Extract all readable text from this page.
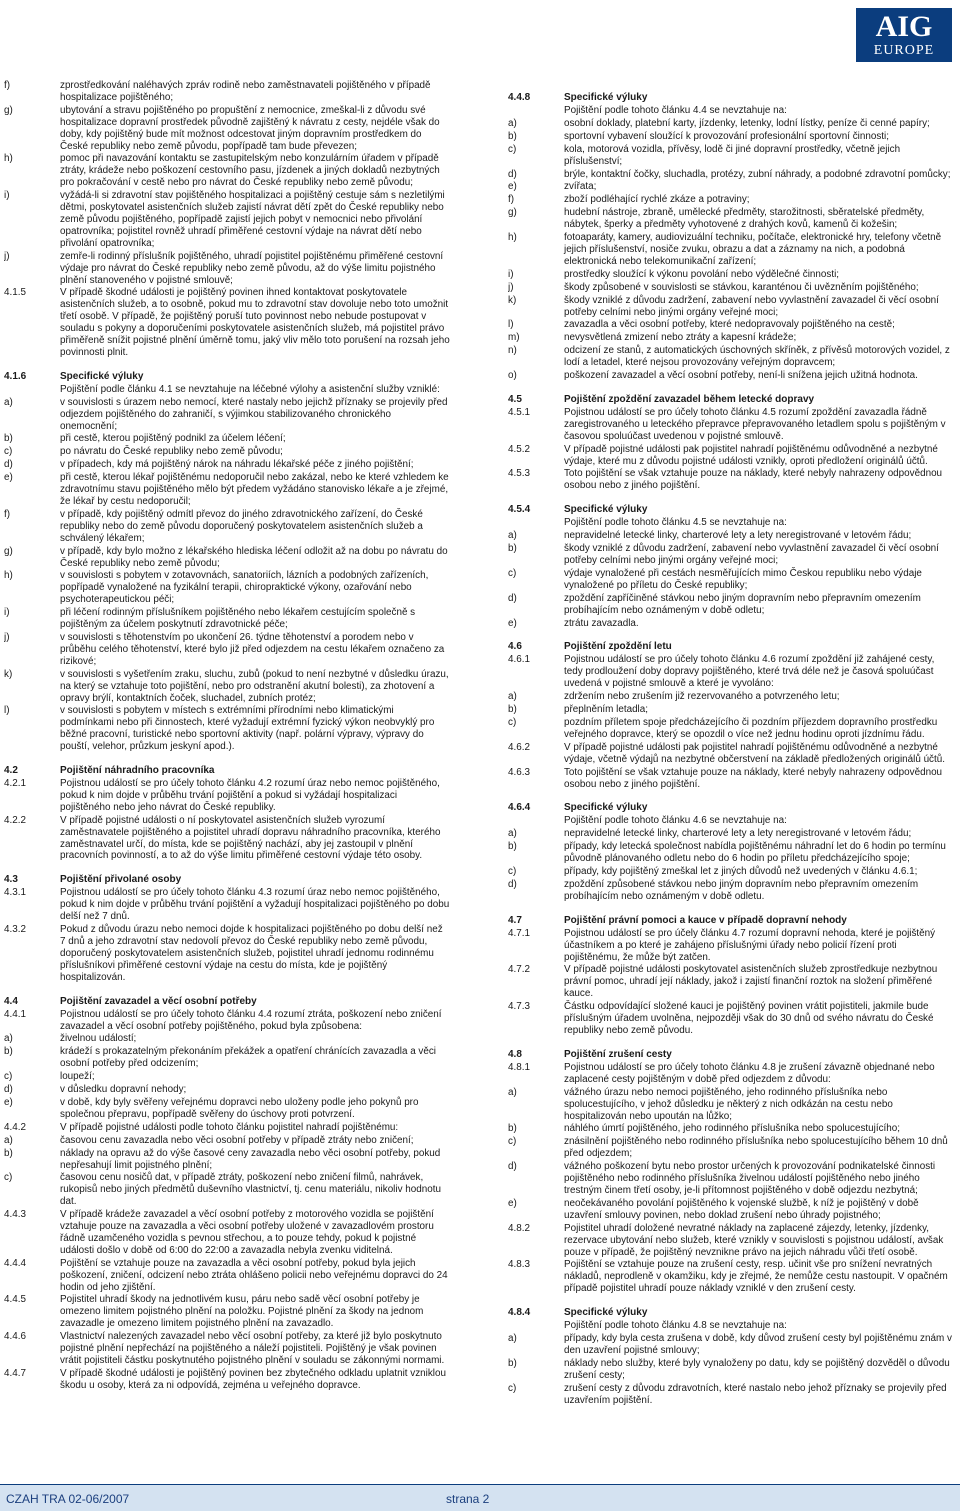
AIG
EUROPE
f)	zprostředkování naléhavých zpráv rodině nebo zaměstnavateli pojištěného v případě hospitalizace pojištěného;
g)	ubytování a stravu pojištěného po propuštění z nemocnice, zmeškal-li z důvodu své hospitalizace dopravní prostředek původně zajištěný k návratu z cesty, nejdéle však do doby, kdy pojištěný bude mít možnost odcestovat jiným dopravním prostředkem do České republiky nebo země původu, popřípadě tam bude převezen;
h)	pomoc při navazování kontaktu se zastupitelským nebo konzulárním úřadem v případě ztráty, krádeže nebo poškození cestovního pasu, jízdenek a jiných dokladů nezbytných pro pokračování v cestě nebo pro návrat do České republiky nebo země původu;
i)	vyžádá-li si zdravotní stav pojištěného hospitalizaci a pojištěný cestuje sám s nezletilými dětmi, poskytovatel asistenčních služeb zajistí návrat dětí zpět do České republiky nebo země původu pojištěného, popřípadě zajistí jejich pobyt v nemocnici nebo přivolání opatrovníka; pojistitel rovněž uhradí přiměřené cestovní výdaje na návrat dětí nebo přivolání opatrovníka;
j)	zemře-li rodinný příslušník pojištěného, uhradí pojistitel pojištěnému přiměřené cestovní výdaje pro návrat do České republiky nebo země původu, až do výše limitu pojistného plnění stanoveného v pojistné smlouvě;
4.1.5	V případě škodné události je pojištěný povinen ihned kontaktovat poskytovatele asistenčních služeb, a to osobně, pokud mu to zdravotní stav dovoluje nebo toto umožnit třetí osobě. V případě, že pojištěný poruší tuto povinnost nebo nebude postupovat v souladu s pokyny a doporučeními poskytovatele asistenčních služeb, má pojistitel právo přiměřeně snížit pojistné plnění úměrně tomu, jaký vliv mělo toto porušení na rozsah jeho povinnosti plnit.
4.1.6	Specifické výluky
Pojištění podle článku 4.1 se nevztahuje na léčebné výlohy a asistenční služby vzniklé:
a)	v souvislosti s úrazem nebo nemocí, které nastaly nebo jejichž příznaky se projevily před odjezdem pojištěného do zahraničí, s výjimkou stabilizovaného chronického onemocnění;
b)	při cestě, kterou pojištěný podnikl za účelem léčení;
c)	po návratu do České republiky nebo země původu;
d)	v případech, kdy má pojištěný nárok na náhradu lékařské péče z jiného pojištění;
e)	při cestě, kterou lékař pojištěnému nedoporučil nebo zakázal, nebo ke které vzhledem ke zdravotnímu stavu pojištěného mělo být předem vyžádáno stanovisko lékaře a je zřejmé, že lékař by cestu nedoporučil;
f)	v případě, kdy pojištěný odmítl převoz do jiného zdravotnického zařízení, do České republiky nebo do země původu doporučený poskytovatelem asistenčních služeb a schválený lékařem;
g)	v případě, kdy bylo možno z lékařského hlediska léčení odložit až na dobu po návratu do České republiky nebo země původu;
h)	v souvislosti s pobytem v zotavovnách, sanatoriích, lázních a podobných zařízeních, popřípadě vynaložené na fyzikální terapii, chiropraktické výkony, ozařování nebo psychoterapeutickou péči;
i)	při léčení rodinným příslušníkem pojištěného nebo lékařem cestujícím společně s pojištěným za účelem poskytnutí zdravotnické péče;
j)	v souvislosti s těhotenstvím po ukončení 26. týdne těhotenství a porodem nebo v průběhu celého těhotenství, které bylo již před odjezdem na cestu lékařem označeno za rizikové;
k)	v souvislosti s vyšetřením zraku, sluchu, zubů (pokud to není nezbytné v důsledku úrazu, na který se vztahuje toto pojištění, nebo pro odstranění akutní bolesti), za zhotovení a opravy brýlí, kontaktních čoček, sluchadel, zubních protéz;
l)	v souvislosti s pobytem v místech s extrémními přírodními nebo klimatickými podmínkami nebo při činnostech, které vyžadují extrémní fyzický výkon neobvyklý pro běžné pracovní, turistické nebo sportovní aktivity (např. polární výpravy, výpravy do pouští, velehor, průzkum jeskyní apod.).
4.2	Pojištění náhradního pracovníka
4.2.1	Pojistnou událostí se pro účely tohoto článku 4.2 rozumí úraz nebo nemoc pojištěného, pokud k nim dojde v průběhu trvání pojištění a pokud si vyžádají hospitalizaci pojištěného nebo jeho návrat do České republiky.
4.2.2	V případě pojistné události o ní poskytovatel asistenčních služeb vyrozumí zaměstnavatele pojištěného a pojistitel uhradí dopravu náhradního pracovníka, kterého zaměstnavatel určí, do místa, kde se pojištěný nachází, aby jej zastoupil v plnění pracovních povinností, a to až do výše limitu přiměřené cestovní výdaje této osoby.
4.3	Pojištění přivolané osoby
4.3.1	Pojistnou událostí se pro účely tohoto článku 4.3 rozumí úraz nebo nemoc pojištěného, pokud k nim dojde v průběhu trvání pojištění a vyžadují hospitalizaci pojištěného po dobu delší než 7 dnů.
4.3.2	Pokud z důvodu úrazu nebo nemoci dojde k hospitalizaci pojištěného po dobu delší než 7 dnů a jeho zdravotní stav nedovolí převoz do České republiky nebo země původu, doporučený poskytovatelem asistenčních služeb, pojistitel uhradí jednomu rodinnému příslušníkovi přiměřené cestovní výdaje na cestu do místa, kde je pojištěný hospitalizován.
4.4	Pojištění zavazadel a věcí osobní potřeby
4.4.1	Pojistnou událostí se pro účely tohoto článku 4.4 rozumí ztráta, poškození nebo zničení zavazadel a věcí osobní potřeby pojištěného, pokud byla způsobena:
a)	živelnou událostí;
b)	krádeží s prokazatelným překonáním překážek a opatření chránících zavazadla a věci osobní potřeby před odcizením;
c)	loupeží;
d)	v důsledku dopravní nehody;
e)	v době, kdy byly svěřeny veřejnému dopravci nebo uloženy podle jeho pokynů pro společnou přepravu, popřípadě svěřeny do úschovy proti potvrzení.
4.4.2	V případě pojistné události podle tohoto článku pojistitel nahradí pojištěnému:
a)	časovou cenu zavazadla nebo věci osobní potřeby v případě ztráty nebo zničení;
b)	náklady na opravu až do výše časové ceny zavazadla nebo věci osobní potřeby, pokud nepřesahují limit pojistného plnění;
c)	časovou cenu nosičů dat, v případě ztráty, poškození nebo zničení filmů, nahrávek, rukopisů nebo jiných předmětů duševního vlastnictví, tj. cenu materiálu, nikoliv hodnotu dat.
4.4.3	V případě krádeže zavazadel a věcí osobní potřeby z motorového vozidla se pojištění vztahuje pouze na zavazadla a věci osobní potřeby uložené v zavazadlovém prostoru řádně uzamčeného vozidla s pevnou střechou, a to pouze tehdy, pokud k pojistné události došlo v době od 6:00 do 22:00 a zavazadla nebyla zvenku viditelná.
4.4.4	Pojištění se vztahuje pouze na zavazadla a věci osobní potřeby, pokud byla jejich poškození, zničení, odcizení nebo ztráta ohlášeno policii nebo veřejnému dopravci do 24 hodin od jeho zjištění.
4.4.5	Pojistitel uhradí škody na jednotlivém kusu, páru nebo sadě věcí osobní potřeby je omezeno limitem pojistného plnění na položku. Pojistné plnění za škody na jednom zavazadle je omezeno limitem pojistného plnění na zavazadlo.
4.4.6	Vlastnictví nalezených zavazadel nebo věcí osobní potřeby, za které již bylo poskytnuto pojistné plnění nepřechází na pojištěného a náleží pojistiteli. Pojištěný je však povinen vrátit pojistiteli částku poskytnutého pojistného plnění v souladu se zákonnými normami.
4.4.7	V případě škodné události je pojištěný povinen bez zbytečného odkladu uplatnit vzniklou škodu u osoby, která za ni odpovídá, zejména u veřejného dopravce.
4.4.8	Specifické výluky
Pojištění podle tohoto článku 4.4 se nevztahuje na:
a)	osobní doklady, platební karty, jízdenky, letenky, lodní lístky, peníze či cenné papíry;
b)	sportovní vybavení sloužící k provozování profesionální sportovní činnosti;
c)	kola, motorová vozidla, přívěsy, lodě či jiné dopravní prostředky, včetně jejich příslušenství;
d)	brýle, kontaktní čočky, sluchadla, protézy, zubní náhrady, a podobné zdravotní pomůcky;
e)	zvířata;
f)	zboží podléhající rychlé zkáze a potraviny;
g)	hudební nástroje, zbraně, umělecké předměty, starožitnosti, sběratelské předměty, nábytek, šperky a předměty vyhotovené z drahých kovů, kamenů či kožešin;
h)	fotoaparáty, kamery, audiovizuální techniku, počítače, elektronické hry, telefony včetně jejich příslušenství, nosiče zvuku, obrazu a dat a záznamy na nich, a podobná elektronická nebo telekomunikační zařízení;
i)	prostředky sloužící k výkonu povolání nebo výdělečné činnosti;
j)	škody způsobené v souvislosti se stávkou, karanténou či uvězněním pojištěného;
k)	škody vzniklé z důvodu zadržení, zabavení nebo vyvlastnění zavazadel či věcí osobní potřeby celními nebo jinými orgány veřejné moci;
l)	zavazadla a věci osobní potřeby, které nedopravovaly pojištěného na cestě;
m)	nevysvětlená zmizení nebo ztráty a kapesní krádeže;
n)	odcizení ze stanů, z automatických úschovných skříněk, z přívěsů motorových vozidel, z lodí a letadel, které nejsou provozovány veřejným dopravcem;
o)	poškození zavazadel a věcí osobní potřeby, není-li snížena jejich užitná hodnota.
4.5	Pojištění zpoždění zavazadel během letecké dopravy
4.5.1	Pojistnou událostí se pro účely tohoto článku 4.5 rozumí zpoždění zavazadla řádně zaregistrovaného u leteckého přepravce přepravovaného letadlem spolu s pojištěným v časovou spoluúčast uvedenou v pojistné smlouvě.
4.5.2	V případě pojistné události pak pojistitel nahradí pojištěnému odůvodněné a nezbytné výdaje, které mu z důvodu pojistné události vznikly, oproti předložení originálů účtů.
4.5.3	Toto pojištění se však vztahuje pouze na náklady, které nebyly nahrazeny odpovědnou osobou nebo z jiného pojištění.
4.5.4	Specifické výluky
Pojištění podle tohoto článku 4.5 se nevztahuje na:
a)	nepravidelné letecké linky, charterové lety a lety neregistrované v letovém řádu;
b)	škody vzniklé z důvodu zadržení, zabavení nebo vyvlastnění zavazadel či věcí osobní potřeby celními nebo jinými orgány veřejné moci;
c)	výdaje vynaložené při cestách nesměřujících mimo Českou republiku nebo výdaje vynaložené po příletu do České republiky;
d)	zpoždění zapříčiněné stávkou nebo jiným dopravním nebo přepravním omezením probíhajícím nebo oznámeným v době odletu;
e)	ztrátu zavazadla.
4.6	Pojištění zpoždění letu
4.6.1	Pojistnou událostí se pro účely tohoto článku 4.6 rozumí zpoždění již zahájené cesty, tedy prodloužení doby dopravy pojištěného, které trvá déle než je časová spoluúčast uvedená v pojistné smlouvě a které je vyvoláno:
a)	zdržením nebo zrušením již rezervovaného a potvrzeného letu;
b)	přeplněním letadla;
c)	pozdním příletem spoje předcházejícího či pozdním příjezdem dopravního prostředku veřejného dopravce, který se opozdil o více než jednu hodinu oproti jízdnímu řádu.
4.6.2	V případě pojistné události pak pojistitel nahradí pojištěnému odůvodněné a nezbytné výdaje, včetně výdajů na nezbytné občerstvení na základě předložených originálů účtů.
4.6.3	Toto pojištění se však vztahuje pouze na náklady, které nebyly nahrazeny odpovědnou osobou nebo z jiného pojištění.
4.6.4	Specifické výluky
Pojištění podle tohoto článku 4.6 se nevztahuje na:
a)	nepravidelné letecké linky, charterové lety a lety neregistrované v letovém řádu;
b)	případy, kdy letecká společnost nabídla pojištěnému náhradní let do 6 hodin po termínu původně plánovaného odletu nebo do 6 hodin po příletu předcházejícího spoje;
c)	případy, kdy pojištěný zmeškal let z jiných důvodů než uvedených v článku 4.6.1;
d)	zpoždění způsobené stávkou nebo jiným dopravním nebo přepravním omezením probíhajícím nebo oznámeným v době odletu.
4.7	Pojištění právní pomoci a kauce v případě dopravní nehody
4.7.1	Pojistnou událostí se pro účely článku 4.7 rozumí dopravní nehoda, které je pojištěný účastníkem a po které je zahájeno příslušnými úřady nebo policií řízení proti pojištěnému, že může být zatčen.
4.7.2	V případě pojistné události poskytovatel asistenčních služeb zprostředkuje nezbytnou právní pomoc, uhradí její náklady, jakož i zajistí finanční roztok na složení přiměřené kauce.
4.7.3	Částku odpovídající složené kauci je pojištěný povinen vrátit pojistiteli, jakmile bude příslušným úřadem uvolněna, nejpozději však do 30 dnů od svého návratu do České republiky nebo země původu.
4.8	Pojištění zrušení cesty
4.8.1	Pojistnou událostí se pro účely tohoto článku 4.8 je zrušení závazně objednané nebo zaplacené cesty pojištěným v době před odjezdem z důvodu:
a)	vážného úrazu nebo nemoci pojištěného, jeho rodinného příslušníka nebo spolucestujícího, v jehož důsledku je některý z nich odkázán na cestu nebo hospitalizován nebo upoután na lůžko;
b)	náhlého úmrtí pojištěného, jeho rodinného příslušníka nebo spolucestujícího;
c)	znásilnění pojištěného nebo rodinného příslušníka nebo spolucestujícího během 10 dnů před odjezdem;
d)	vážného poškození bytu nebo prostor určených k provozování podnikatelské činnosti pojištěného nebo rodinného příslušníka živelnou událostí pojištěného nebo jiného trestným činem třetí osoby, je-li přítomnost pojištěného v době odjezdu nezbytná;
e)	neočekávaného povolání pojištěného k vojenské službě, k níž je pojištěný v době uzavření smlouvy povinen, nebo doklad zrušení nebo úhrady pojistného;
4.8.2	Pojistitel uhradí doložené nevratné náklady na zaplacené zájezdy, letenky, jízdenky, rezervace ubytování nebo služeb, které vznikly v souvislosti s pojistnou událostí, avšak pouze v případě, že pojištěný nevznikne právo na jejich náhradu vůči třetí osobě.
4.8.3	Pojištění se vztahuje pouze na zrušení cesty, resp. učinit vše pro snížení nevratných nákladů, neprodleně v okamžiku, kdy je zřejmé, že nemůže cestu nastoupit. V opačném případě pojistitel uhradí pouze náklady vzniklé v den zrušení cesty.
4.8.4	Specifické výluky
Pojištění podle tohoto článku 4.8 se nevztahuje na:
a)	případy, kdy byla cesta zrušena v době, kdy důvod zrušení cesty byl pojištěnému znám v den uzavření pojistné smlouvy;
b)	náklady nebo služby, které byly vynaloženy po datu, kdy se pojištěný dozvěděl o důvodu zrušení cesty;
c)	zrušení cesty z důvodu zdravotních, které nastalo nebo jehož příznaky se projevily před uzavřením pojištění.
CZAH TRA 02-06/2007	strana 2
